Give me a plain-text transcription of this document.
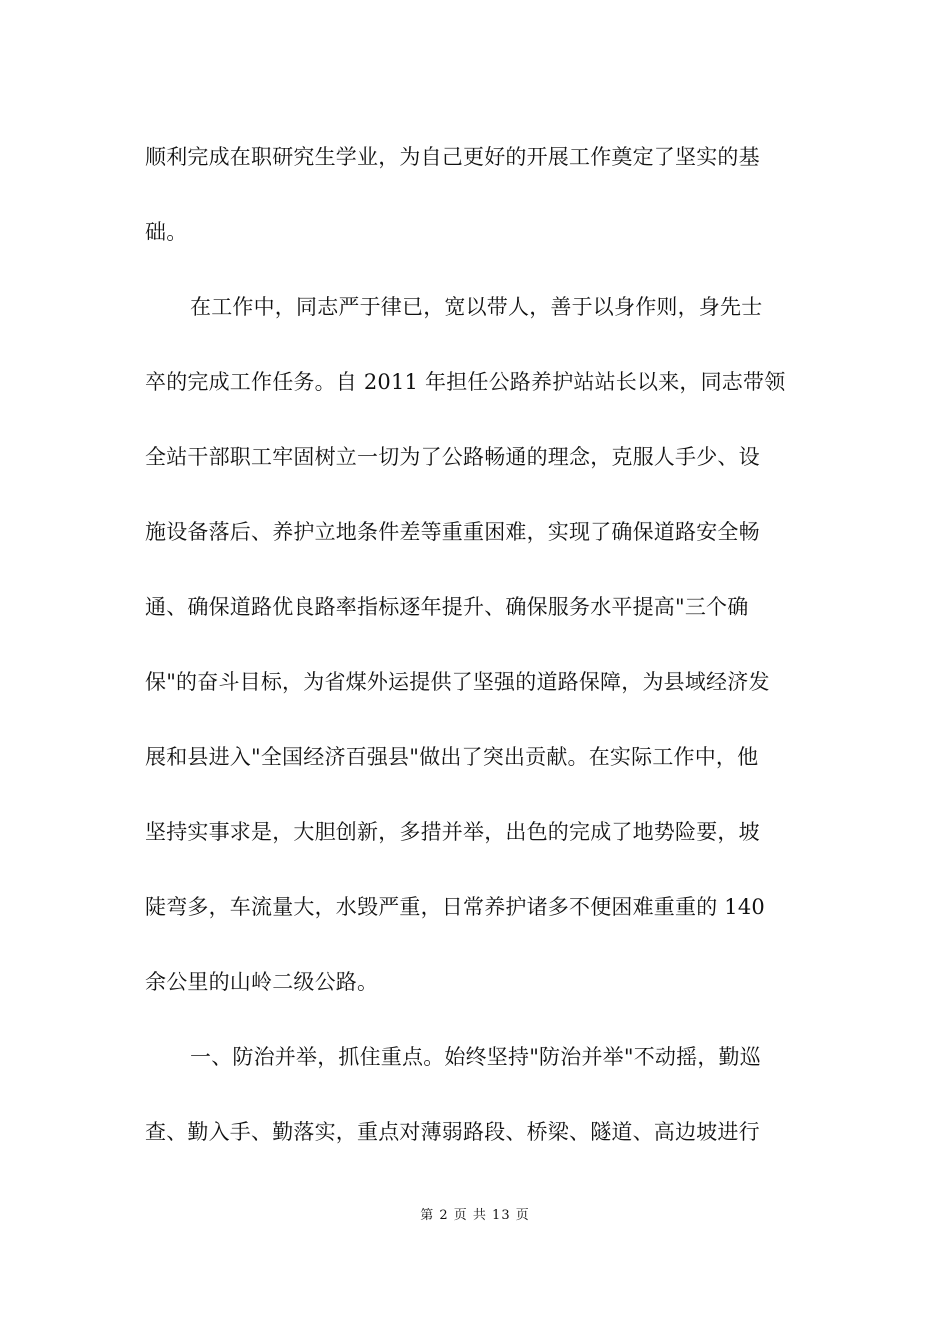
顺利完成在职研究生学业，为自己更好的开展工作奠定了坚实的基
础。
在工作中，同志严于律已，宽以带人，善于以身作则，身先士
卒的完成工作任务。自 2011 年担任公路养护站站长以来，同志带领
全站干部职工牢固树立一切为了公路畅通的理念，克服人手少、设
施设备落后、养护立地条件差等重重困难，实现了确保道路安全畅
通、确保道路优良路率指标逐年提升、确保服务水平提高"三个确
保"的奋斗目标，为省煤外运提供了坚强的道路保障，为县域经济发
展和县进入"全国经济百强县"做出了突出贡献。在实际工作中，他
坚持实事求是，大胆创新，多措并举，出色的完成了地势险要，坡
陡弯多，车流量大，水毁严重，日常养护诸多不便困难重重的 140
余公里的山岭二级公路。
一、防治并举，抓住重点。始终坚持"防治并举"不动摇，勤巡
查、勤入手、勤落实，重点对薄弱路段、桥梁、隧道、高边坡进行
第 2 页 共 13 页
